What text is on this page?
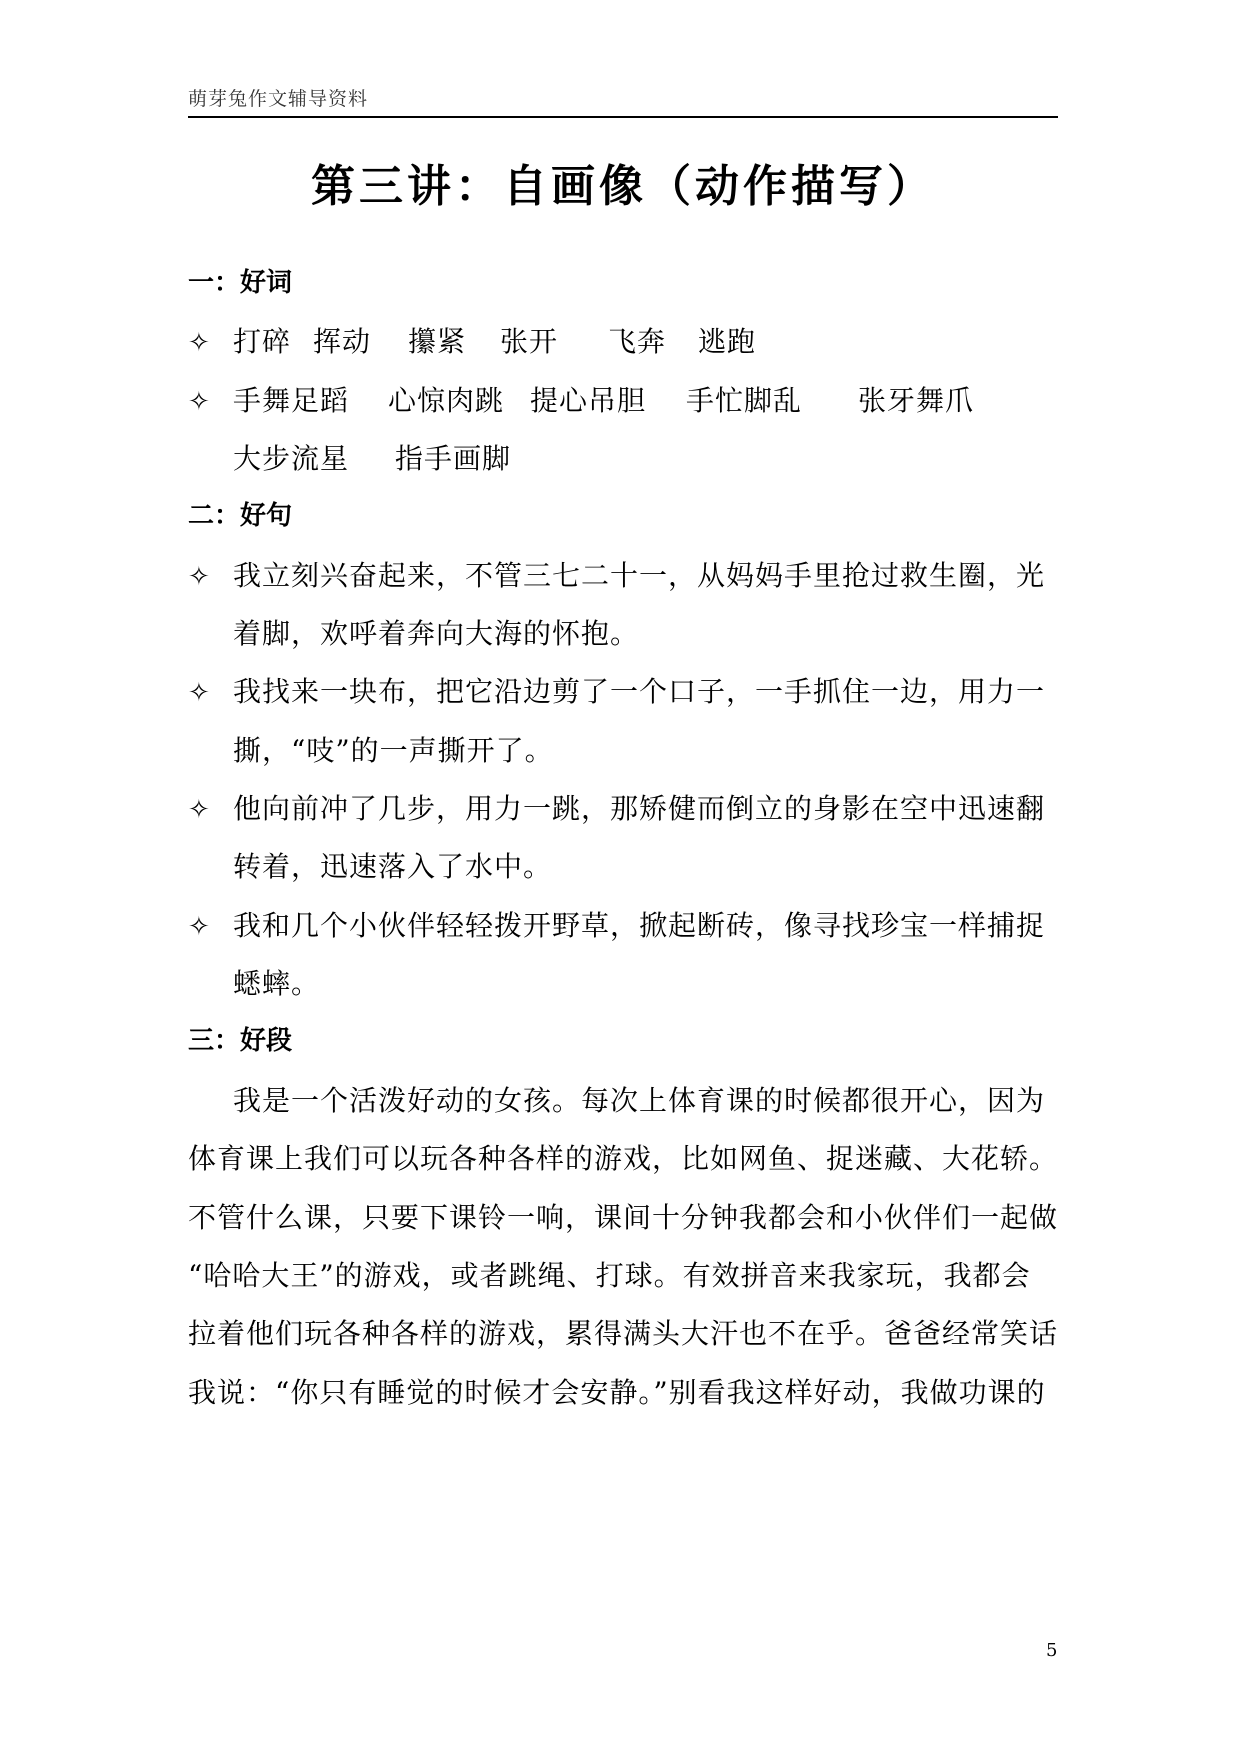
萌芽兔作文辅导资料
第三讲：自画像（动作描写）
一：好词
✧ 打碎 挥动 攥紧 张开 飞奔 逃跑
✧ 手舞足蹈 心惊肉跳 提心吊胆 手忙脚乱 张牙舞爪
大步流星 指手画脚
二：好句
✧ 我立刻兴奋起来，不管三七二十一，从妈妈手里抢过救生圈，光
着脚，欢呼着奔向大海的怀抱。
✧ 我找来一块布，把它沿边剪了一个口子，一手抓住一边，用力一
撕，“吱”的一声撕开了。
✧ 他向前冲了几步，用力一跳，那矫健而倒立的身影在空中迅速翻
转着，迅速落入了水中。
✧ 我和几个小伙伴轻轻拨开野草，掀起断砖，像寻找珍宝一样捕捉
蟋蟀。
三：好段
我是一个活泼好动的女孩。每次上体育课的时候都很开心，因为
体育课上我们可以玩各种各样的游戏，比如网鱼、捉迷藏、大花轿。
不管什么课，只要下课铃一响，课间十分钟我都会和小伙伴们一起做
“哈哈大王”的游戏，或者跳绳、打球。有效拼音来我家玩，我都会
拉着他们玩各种各样的游戏，累得满头大汗也不在乎。爸爸经常笑话
我说：“你只有睡觉的时候才会安静。”别看我这样好动，我做功课的
5
